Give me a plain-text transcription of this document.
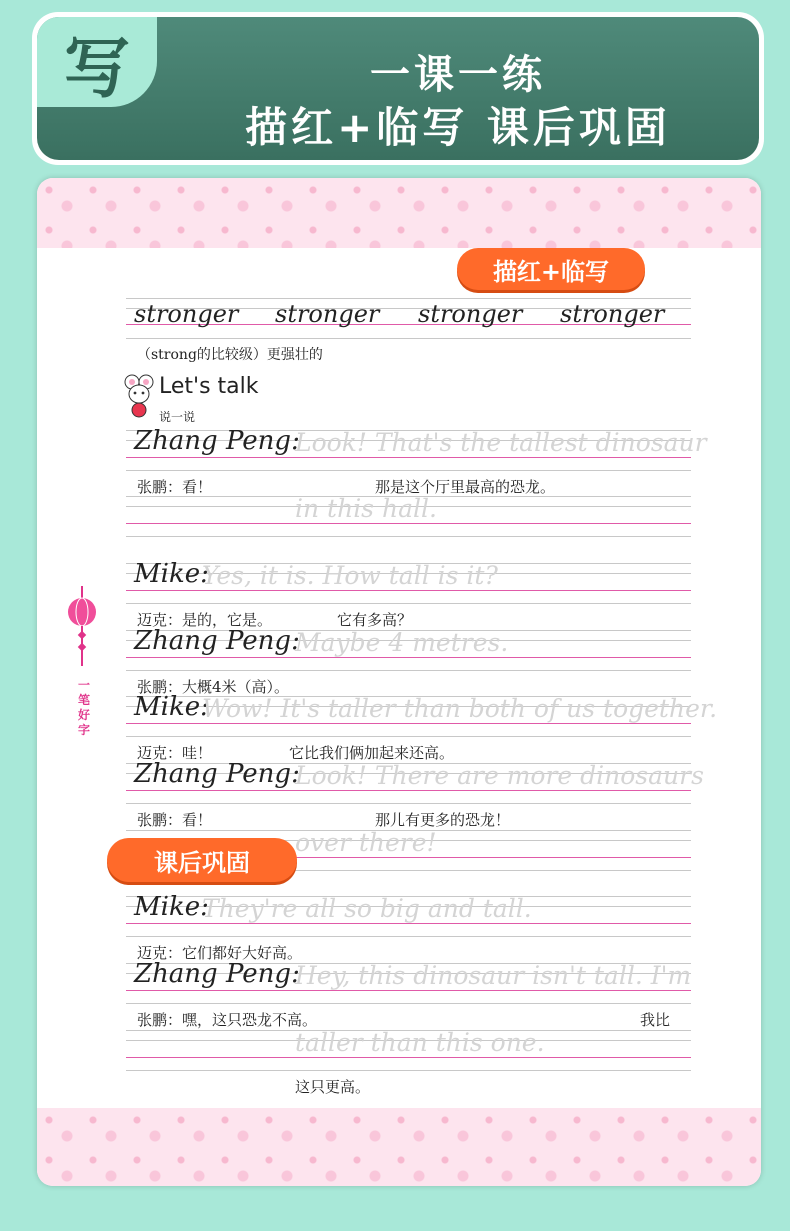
写	一课一练
描红+临写 课后巩固
描红+临写
stronger stronger stronger stronger
（strong的比较级）更强壮的
Let's talk
说一说
一
笔
好
字
Zhang Peng:
Look! That's the tallest dinosaur
张鹏：看！	那是这个厅里最高的恐龙。
in this hall.
Mike:
Yes, it is. How tall is it?
迈克：是的，它是。	它有多高？
Zhang Peng:
Maybe 4 metres.
张鹏：大概4米（高）。
Mike:
Wow! It's taller than both of us together.
迈克：哇！	它比我们俩加起来还高。
Zhang Peng:
Look! There are more dinosaurs
张鹏：看！	那儿有更多的恐龙！
over there!
Mike:
They're all so big and tall.
迈克：它们都好大好高。
Zhang Peng:
Hey, this dinosaur isn't tall. I'm
张鹏：嘿，这只恐龙不高。	我比
taller than this one.
课后巩固
这只更高。
